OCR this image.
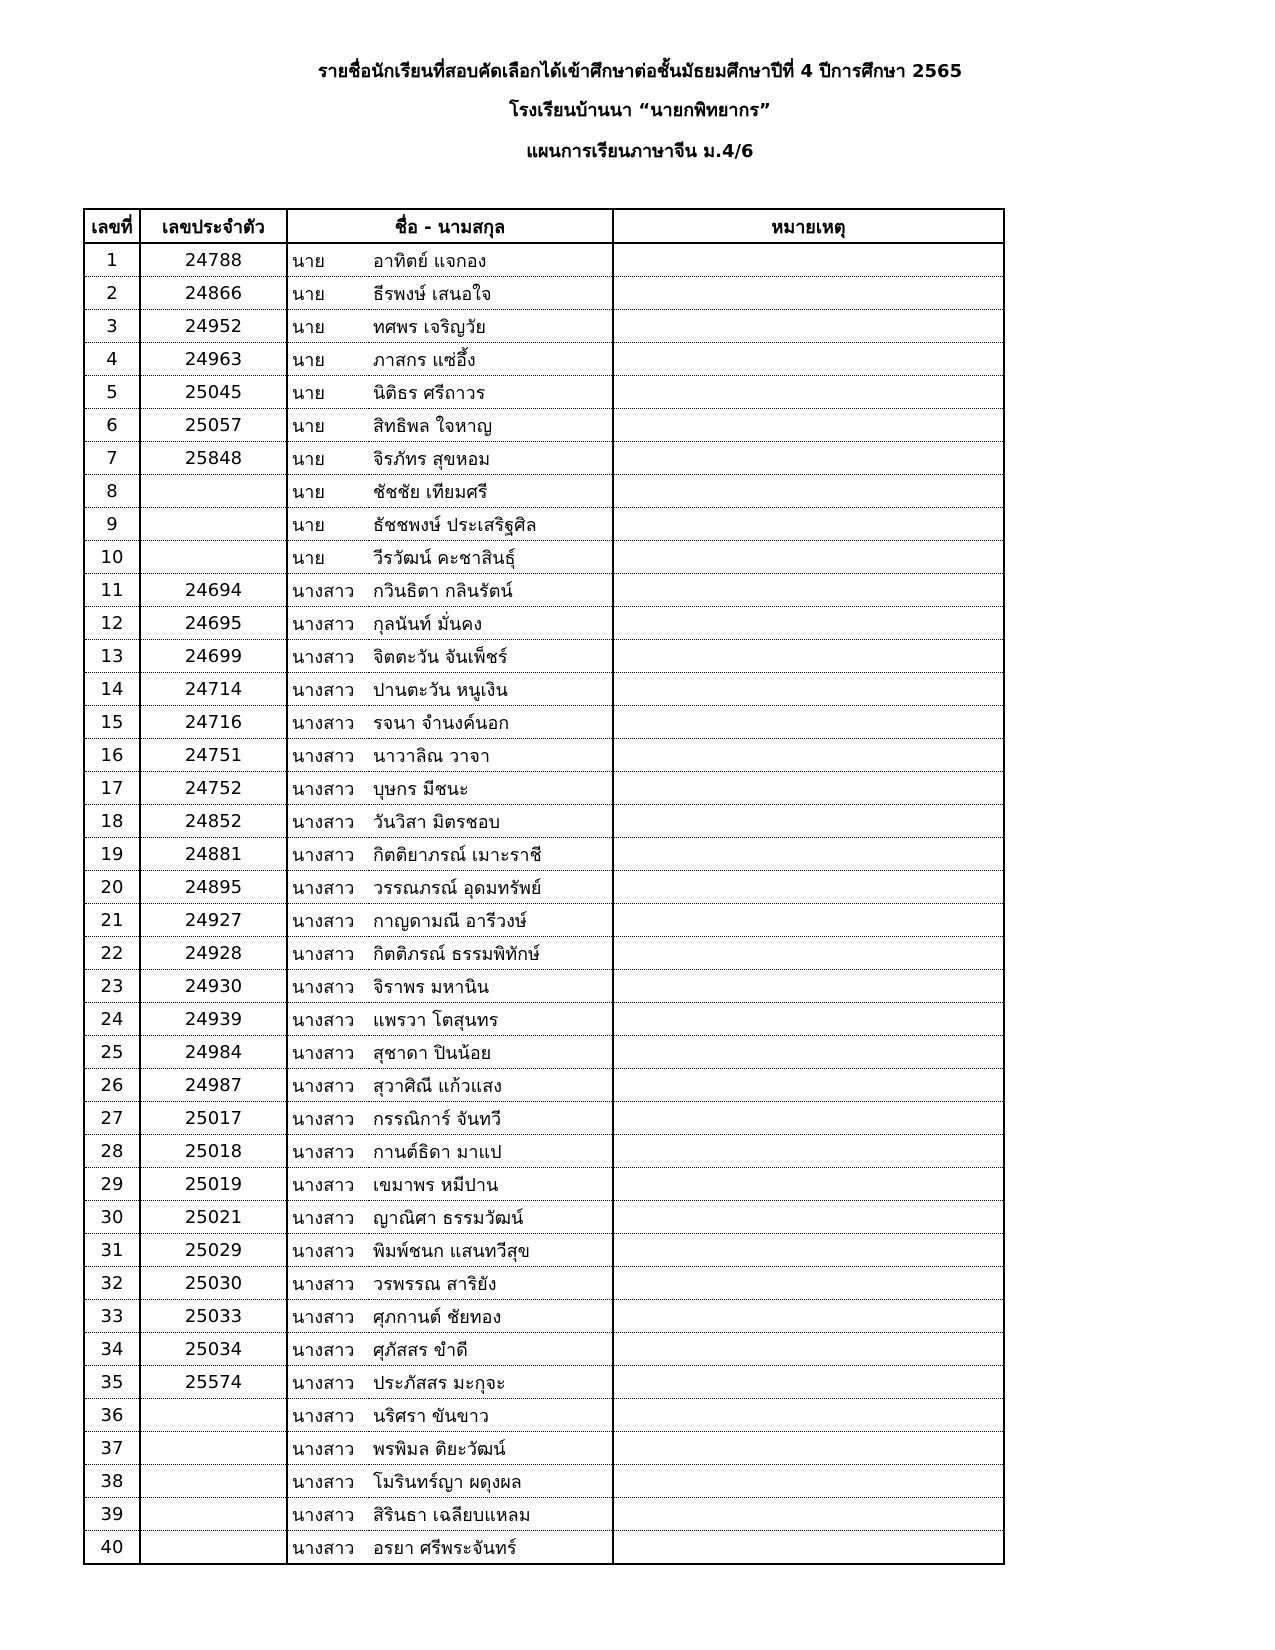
รายชื่อนักเรียนที่สอบคัดเลือกได้เข้าศึกษาต่อชั้นมัธยมศึกษาปีที่ 4 ปีการศึกษา 2565
โรงเรียนบ้านนา “นายกพิทยากร”
แผนการเรียนภาษาจีน ม.4/6
เลขที่	เลขประจำตัว	ชื่อ - นามสกุล		หมายเหตุ
1	24788	นาย	อาทิตย์ แจกอง	
2	24866	นาย	ธีรพงษ์ เสนอใจ	
3	24952	นาย	ทศพร เจริญวัย	
4	24963	นาย	ภาสกร แซ่อึ้ง	
5	25045	นาย	นิติธร ศรีถาวร	
6	25057	นาย	สิทธิพล ใจหาญ	
7	25848	นาย	จิรภัทร สุขหอม	
8		นาย	ชัชชัย เทียมศรี	
9		นาย	ธัชชพงษ์ ประเสริฐศิล	
10		นาย	วีรวัฒน์ คะชาสินธุ์	
11	24694	นางสาว	กวินธิตา กลินรัตน์	
12	24695	นางสาว	กุลนันท์ มั่นคง	
13	24699	นางสาว	จิตตะวัน จันเพ็ชร์	
14	24714	นางสาว	ปานตะวัน หนูเงิน	
15	24716	นางสาว	รจนา จำนงค์นอก	
16	24751	นางสาว	นาวาลิณ วาจา	
17	24752	นางสาว	บุษกร มีชนะ	
18	24852	นางสาว	วันวิสา มิตรชอบ	
19	24881	นางสาว	กิตติยาภรณ์ เมาะราชี	
20	24895	นางสาว	วรรณภรณ์ อุดมทรัพย์	
21	24927	นางสาว	กาญดามณี อารีวงษ์	
22	24928	นางสาว	กิตติภรณ์ ธรรมพิทักษ์	
23	24930	นางสาว	จิราพร มหานิน	
24	24939	นางสาว	แพรวา โตสุนทร	
25	24984	นางสาว	สุชาดา ปินน้อย	
26	24987	นางสาว	สุวาศิณี แก้วแสง	
27	25017	นางสาว	กรรณิการ์ จันทวี	
28	25018	นางสาว	กานต์ธิดา มาแป	
29	25019	นางสาว	เขมาพร หมีปาน	
30	25021	นางสาว	ญาณิศา ธรรมวัฒน์	
31	25029	นางสาว	พิมพ์ชนก แสนทวีสุข	
32	25030	นางสาว	วรพรรณ สาริยัง	
33	25033	นางสาว	ศุภกานต์ ชัยทอง	
34	25034	นางสาว	ศุภัสสร ขำดี	
35	25574	นางสาว	ประภัสสร มะกุจะ	
36		นางสาว	นริศรา ขันขาว	
37		นางสาว	พรพิมล ติยะวัฒน์	
38		นางสาว	โมรินทร์ญา ผดุงผล	
39		นางสาว	สิรินธา เฉลียบแหลม	
40		นางสาว	อรยา ศรีพระจันทร์	
